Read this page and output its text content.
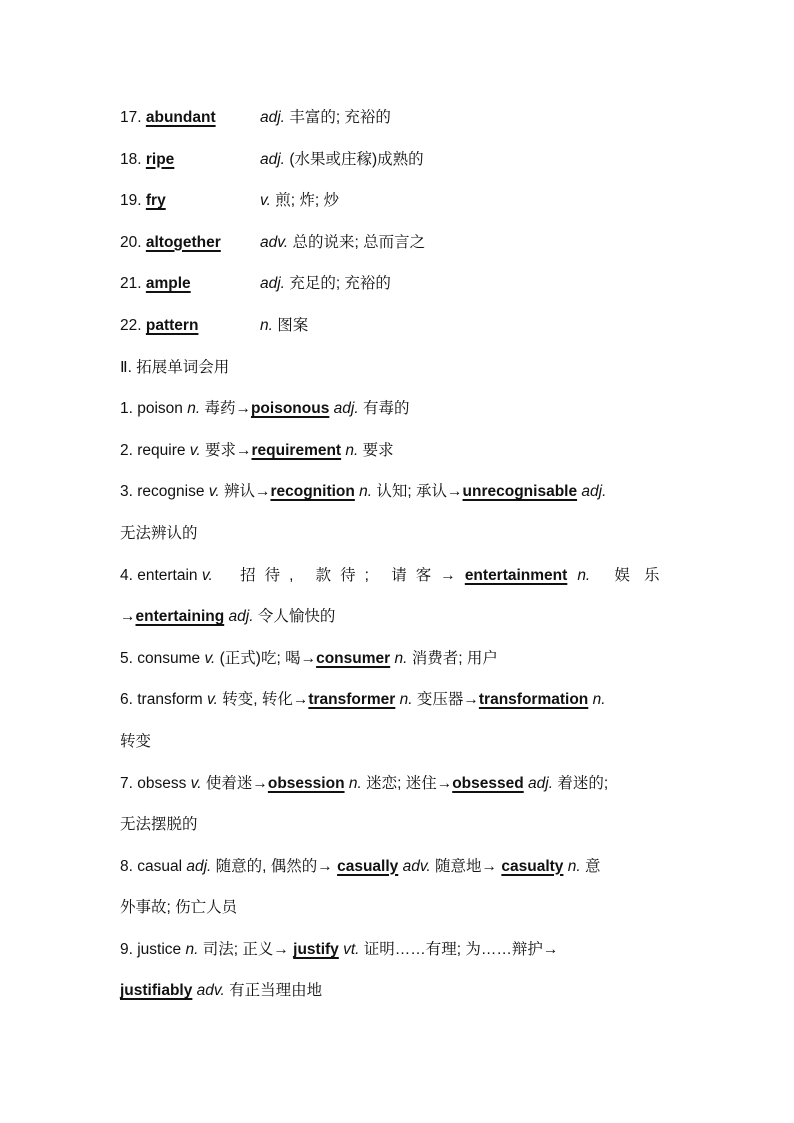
17. abundant	adj. 丰富的; 充裕的
18. ripe	adj. (水果或庄稼)成熟的
19. fry	v. 煎; 炸; 炒
20. altogether	adv. 总的说来; 总而言之
21. ample	adj. 充足的; 充裕的
22. pattern	n. 图案
Ⅱ. 拓展单词会用
1. poison n. 毒药→poisonous adj. 有毒的
2. require v. 要求→requirement n. 要求
3. recognise v. 辨认→recognition n. 认知; 承认→unrecognisable adj.
无法辨认的
4. entertain v. 招待, 款待; 请客→entertainment n. 娱乐
→entertaining adj. 令人愉快的
5. consume v. (正式)吃; 喝→consumer n. 消费者; 用户
6. transform v. 转变, 转化→transformer n. 变压器→transformation n.
转变
7. obsess v. 使着迷→obsession n. 迷恋; 迷住→obsessed adj. 着迷的;
无法摆脱的
8. casual adj. 随意的, 偶然的→ casually adv. 随意地→ casualty n. 意
外事故; 伤亡人员
9. justice n. 司法; 正义→ justify vt. 证明……有理; 为……辩护→
justifiably adv. 有正当理由地
